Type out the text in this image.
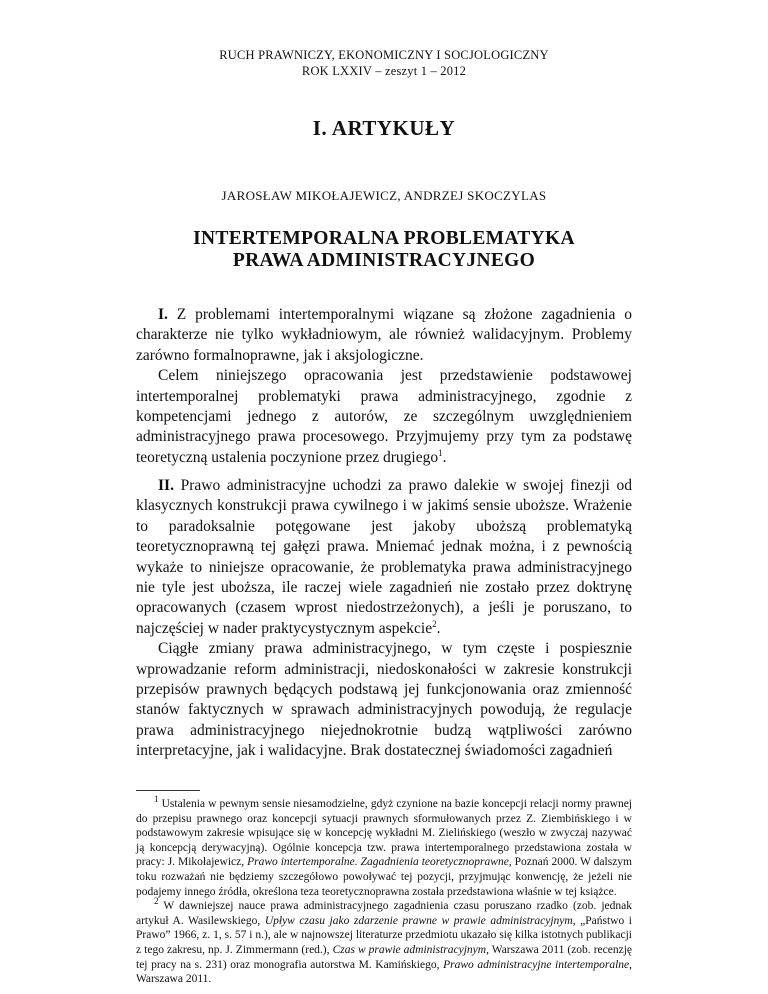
RUCH PRAWNICZY, EKONOMICZNY I SOCJOLOGICZNY
ROK LXXIV – zeszyt 1 – 2012
I. ARTYKUŁY
JAROSŁAW MIKOŁAJEWICZ, ANDRZEJ SKOCZYLAS
INTERTEMPORALNA PROBLEMATYKA
PRAWA ADMINISTRACYJNEGO

I. Z problemami intertemporalnymi wiązane są złożone zagadnienia o charakterze nie tylko wykładniowym, ale również walidacyjnym. Problemy zarówno formalnoprawne, jak i aksjologiczne.

Celem niniejszego opracowania jest przedstawienie podstawowej intertemporalnej problematyki prawa administracyjnego, zgodnie z kompetencjami jednego z autorów, ze szczególnym uwzględnieniem administracyjnego prawa procesowego. Przyjmujemy przy tym za podstawę teoretyczną ustalenia poczynione przez drugiego$^1$.

II. Prawo administracyjne uchodzi za prawo dalekie w swojej finezji od klasycznych konstrukcji prawa cywilnego i w jakimś sensie uboższe. Wrażenie to paradoksalnie potęgowane jest jakoby uboższą problematyką teoretycznoprawną tej gałęzi prawa. Mniemać jednak można, i z pewnością wykaże to niniejsze opracowanie, że problematyka prawa administracyjnego nie tyle jest uboższa, ile raczej wiele zagadnień nie zostało przez doktrynę opracowanych (czasem wprost niedostrzeżonych), a jeśli je poruszano, to najczęściej w nader praktycystycznym aspekcie$^2$.

Ciągłe zmiany prawa administracyjnego, w tym częste i pospiesznie wprowadzanie reform administracji, niedoskonałości w zakresie konstrukcji przepisów prawnych będących podstawą jej funkcjonowania oraz zmienność stanów faktycznych w sprawach administracyjnych powodują, że regulacje prawa administracyjnego niejednokrotnie budzą wątpliwości zarówno interpretacyjne, jak i walidacyjne. Brak dostatecznej świadomości zagadnień

$^1$ Ustalenia w pewnym sensie niesamodzielne, gdyż czynione na bazie koncepcji relacji normy prawnej do przepisu prawnego oraz koncepcji sytuacji prawnych sformułowanych przez Z. Ziembińskiego i w podstawowym zakresie wpisujące się w koncepcję wykładni M. Zielińskiego (weszło w zwyczaj nazywać ją koncepcją derywacyjną). Ogólnie koncepcja tzw. prawa intertemporalnego przedstawiona została w pracy: J. Mikołajewicz, Prawo intertemporalne. Zagadnienia teoretycznoprawne, Poznań 2000. W dalszym toku rozważań nie będziemy szczegółowo powoływać tej pozycji, przyjmując konwencję, że jeżeli nie podajemy innego źródła, określona teza teoretycznoprawna została przedstawiona właśnie w tej książce.

$^2$ W dawniejszej nauce prawa administracyjnego zagadnienia czasu poruszano rzadko (zob. jednak artykuł A. Wasilewskiego, Upływ czasu jako zdarzenie prawne w prawie administracyjnym, „Państwo i Prawo” 1966, z. 1, s. 57 i n.), ale w najnowszej literaturze przedmiotu ukazało się kilka istotnych publikacji z tego zakresu, np. J. Zimmermann (red.), Czas w prawie administracyjnym, Warszawa 2011 (zob. recenzję tej pracy na s. 231) oraz monografia autorstwa M. Kamińskiego, Prawo administracyjne intertemporalne, Warszawa 2011.
